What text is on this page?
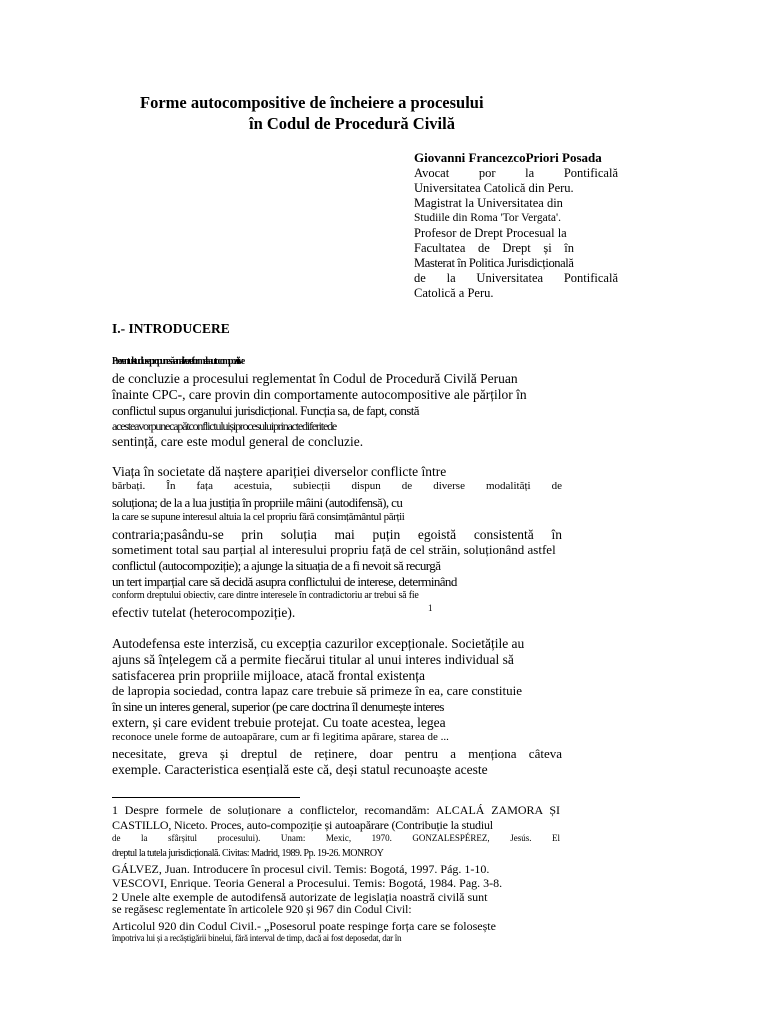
Forme autocompositive de încheiere a procesului
în Codul de Procedură Civilă
Giovanni FrancezcoPriori Posada
Avocat por la Pontificală
Universitatea Catolică din Peru.
Magistrat la Universitatea din
Studiile din Roma 'Tor Vergata'.
Profesor de Drept Procesual la
Facultatea de Drept și în
Masterat în Politica Jurisdicțională
de la Universitatea Pontificală
Catolică a Peru.
I.- INTRODUCERE
Prezentul studiu se propune să analizeze formele autocompozitive
de concluzie a procesului reglementat în Codul de Procedură Civilă Peruan
înainte CPC-, care provin din comportamente autocompositive ale părților în
conflictul supus organului jurisdicțional. Funcția sa, de fapt, constă
acesteavorpunecapătconflictuluișiprocesuluiprinactediferitede
sentință, care este modul general de concluzie.
Viața în societate dă naștere apariției diverselor conflicte între
bărbați. În fața acestuia, subiecții dispun de diverse modalități de
soluționa; de la a lua justiția în propriile mâini (autodifensă), cu
la care se supune interesul altuia la cel propriu fără consimțământul părții
contraria;pasându-se prin soluția mai puțin egoistă consistentă în
sometiment total sau parțial al interesului propriu față de cel străin, soluționând astfel
conflictul (autocompoziție); a ajunge la situația de a fi nevoit să recurgă
un tert imparțial care să decidă asupra conflictului de interese, determinând
conform dreptului obiectiv, care dintre interesele în contradictoriu ar trebui să fie
efectiv tutelat (heterocompoziție).	1
Autodefensa este interzisă, cu excepția cazurilor excepționale. Societățile au
ajuns să înțelegem că a permite fiecărui titular al unui interes individual să
satisfacerea prin propriile mijloace, atacă frontal existența
de lapropia sociedad, contra lapaz care trebuie să primeze în ea, care constituie
în sine un interes general, superior (pe care doctrina îl denumește interes
extern, și care evident trebuie protejat. Cu toate acestea, legea
reconoce unele forme de autoapărare, cum ar fi legitima apărare, starea de ...
necesitate, greva și dreptul de reținere, doar pentru a menționa câteva
exemple. Caracteristica esențială este că, deși statul recunoaște aceste
1 Despre formele de soluționare a conflictelor, recomandăm: ALCALÁ ZAMORA ȘI
CASTILLO, Niceto. Proces, auto-compoziție și autoapărare (Contribuție la studiul
de la sfârșitul procesului). Unam: Mexic, 1970. GONZALESPÉREZ, Jesús. El
dreptul la tutela jurisdicțională. Civitas: Madrid, 1989. Pp. 19-26. MONROY
GÁLVEZ, Juan. Introducere în procesul civil. Temis: Bogotá, 1997. Pág. 1-10.
VESCOVI, Enrique. Teoria General a Procesului. Temis: Bogotá, 1984. Pag. 3-8.
2 Unele alte exemple de autodifensă autorizate de legislația noastră civilă sunt
se regăsesc reglementate în articolele 920 și 967 din Codul Civil:
Articolul 920 din Codul Civil.- „Posesorul poate respinge forța care se folosește
împotriva lui și a recăștigării binelui, fără interval de timp, dacă ai fost deposedat, dar în
